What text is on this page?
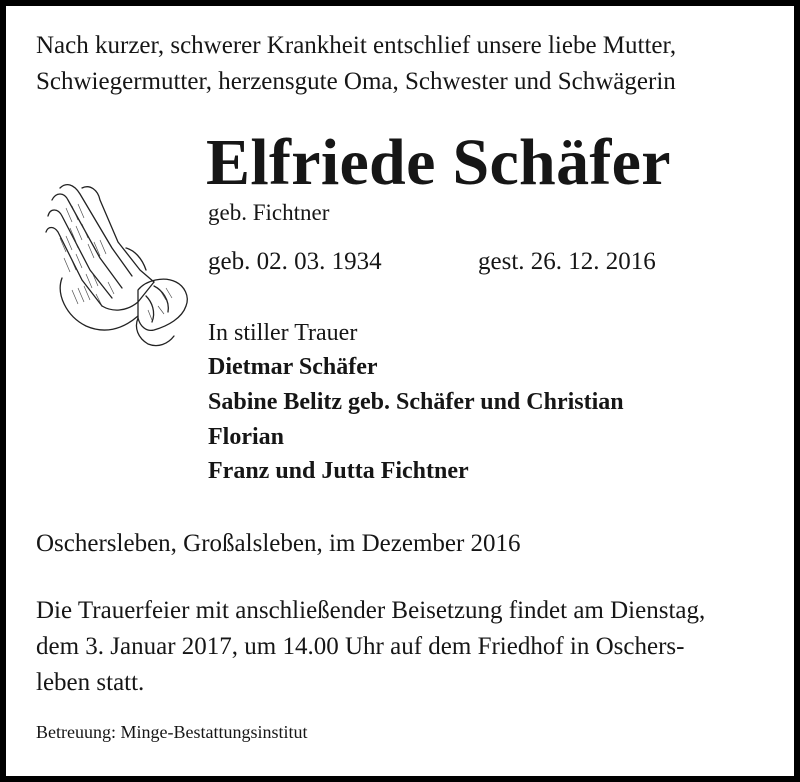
Nach kurzer, schwerer Krankheit entschlief unsere liebe Mutter,
Schwiegermutter, herzensgute Oma, Schwester und Schwägerin
Elfriede Schäfer
geb. Fichtner
geb. 02. 03. 1934	gest. 26. 12. 2016
In stiller Trauer
Dietmar Schäfer
Sabine Belitz geb. Schäfer und Christian
Florian
Franz und Jutta Fichtner
Oschersleben, Großalsleben, im Dezember 2016
Die Trauerfeier mit anschließender Beisetzung findet am Dienstag,
dem 3. Januar 2017, um 14.00 Uhr auf dem Friedhof in Oschers-
leben statt.
Betreuung: Minge-Bestattungsinstitut
